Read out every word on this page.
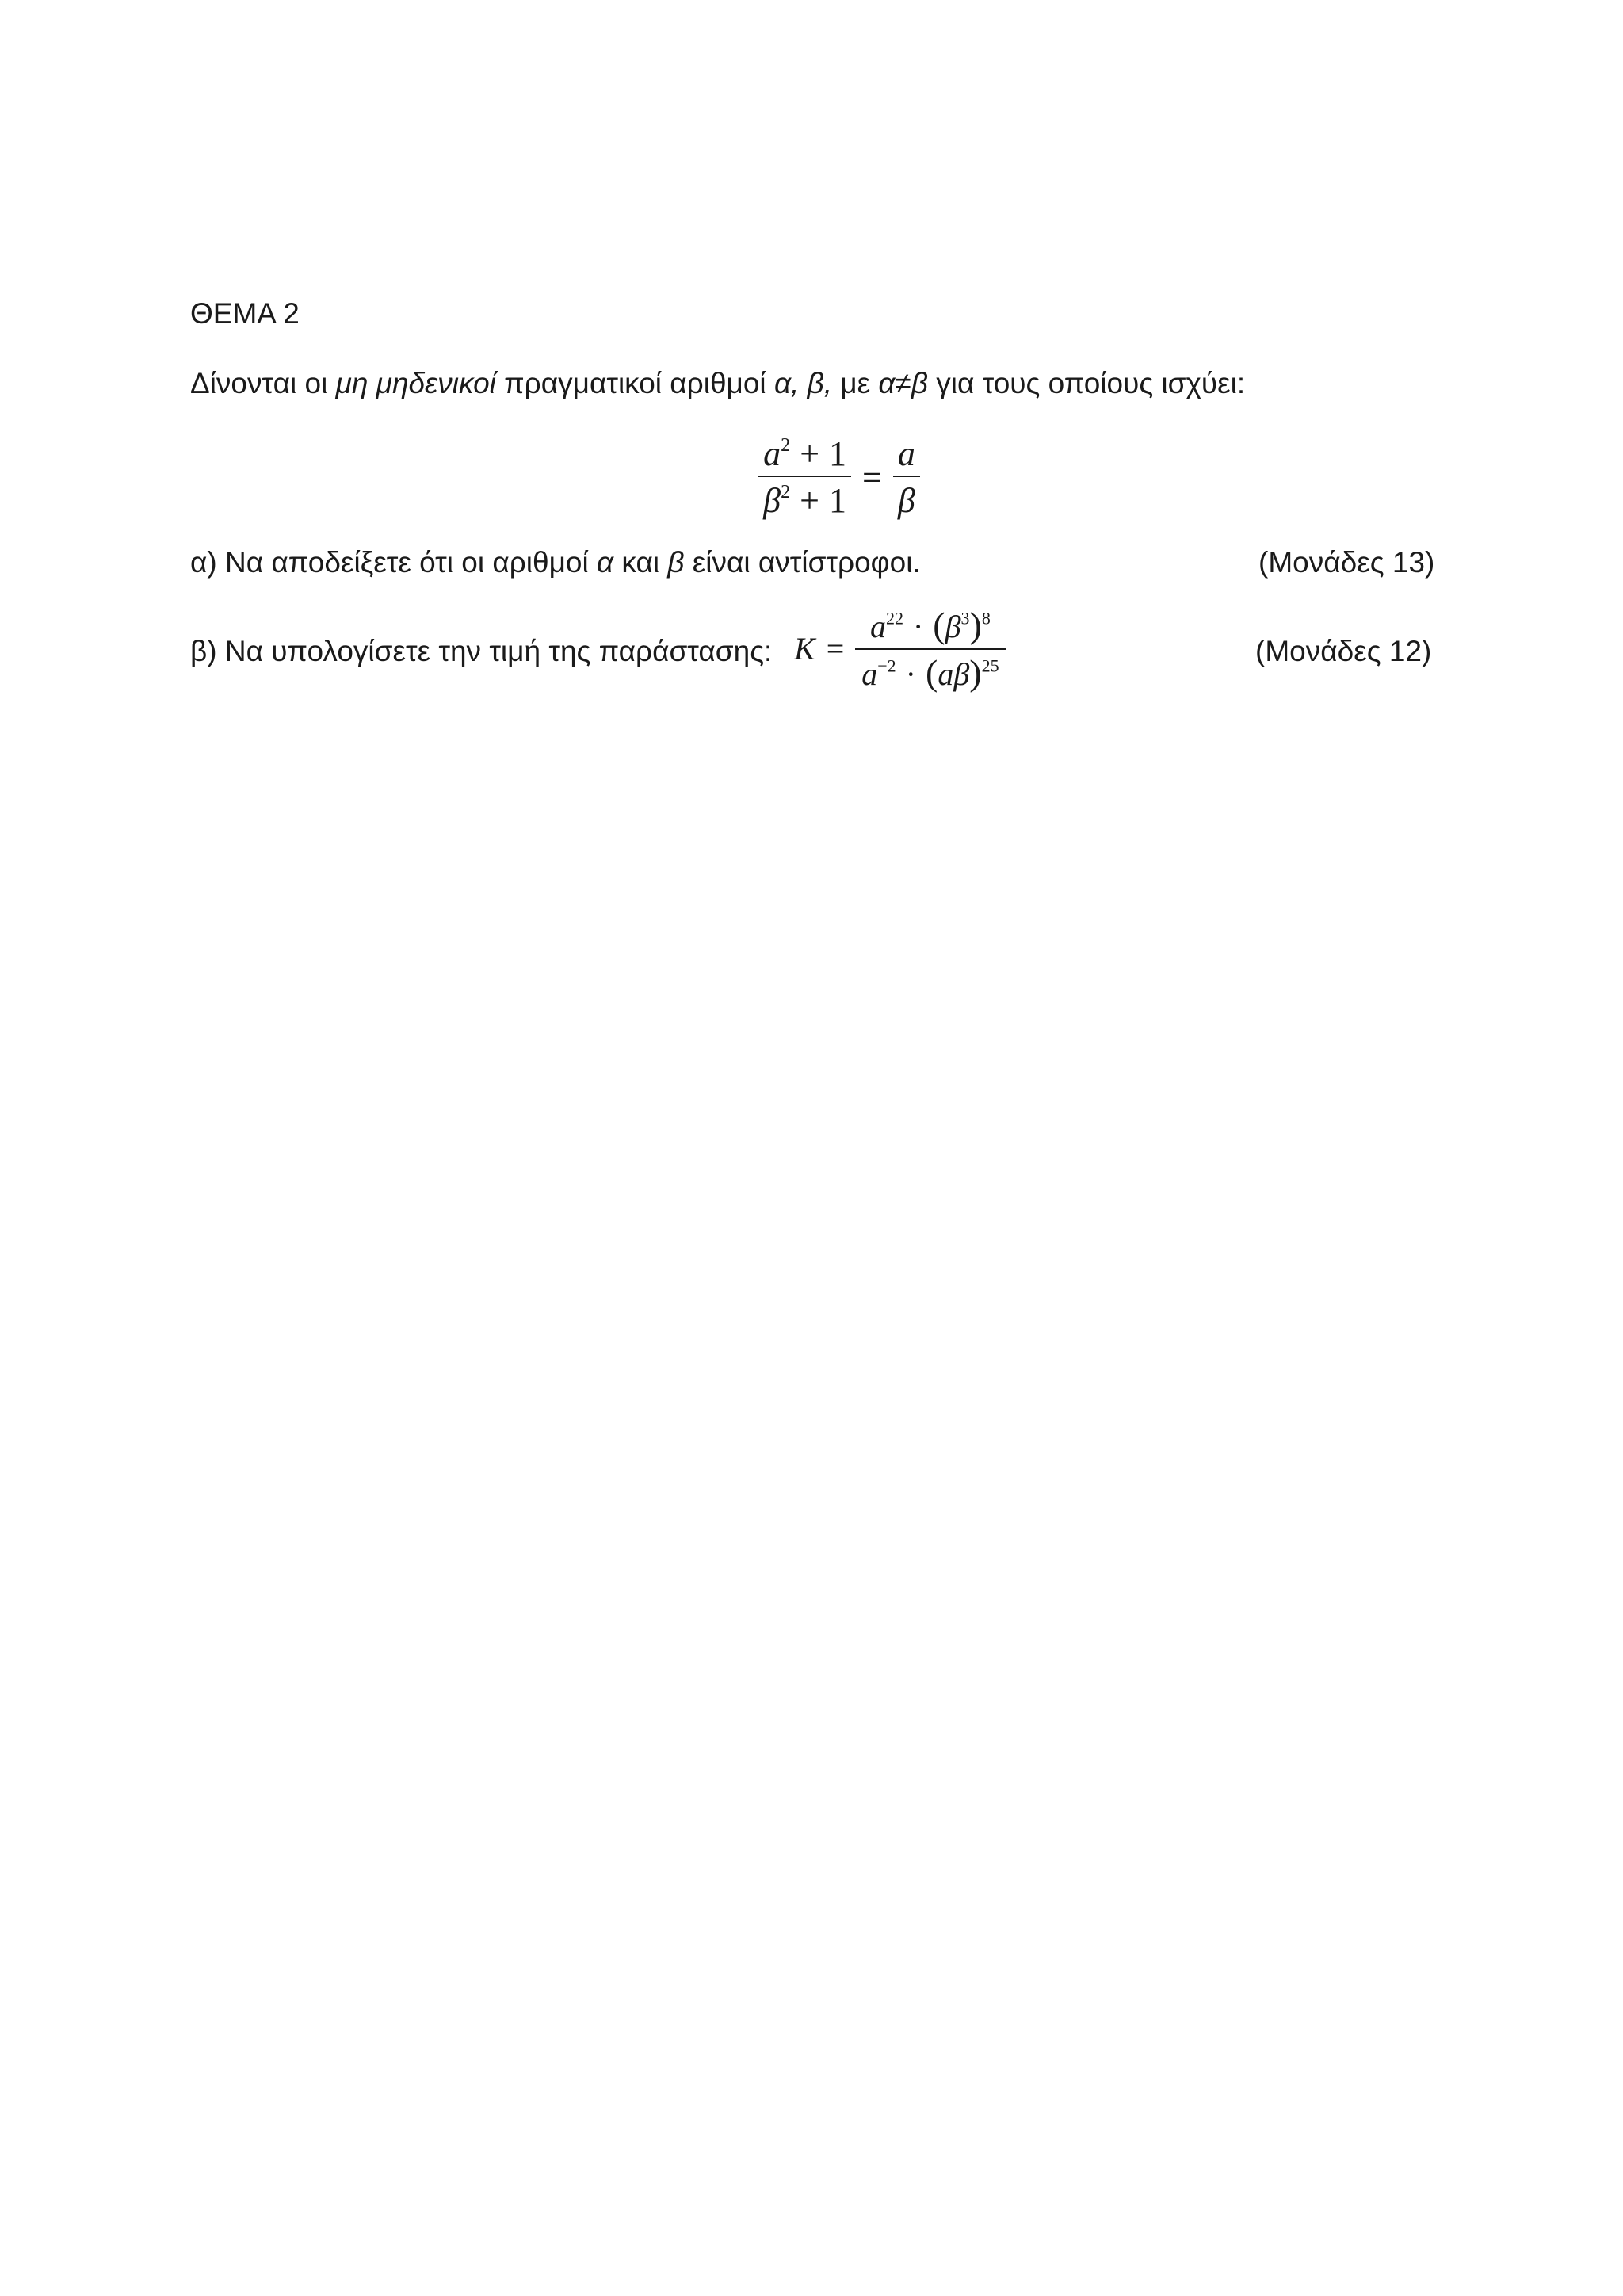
ΘΕΜΑ 2
Δίνονται οι μη μηδενικοί πραγματικοί αριθμοί α, β, με α≠β για τους οποίους ισχύει:
$\frac{a^2 + 1}{\beta^2 + 1} = \frac{a}{\beta}$
α) Να αποδείξετε ότι οι αριθμοί α και β είναι αντίστροφοι.	(Μονάδες 13)
β) Να υπολογίσετε την τιμή της παράστασης: $K = \frac{a^{22} \cdot (\beta^3)^8}{a^{-2} \cdot (a\beta)^{25}}$	(Μονάδες 12)
